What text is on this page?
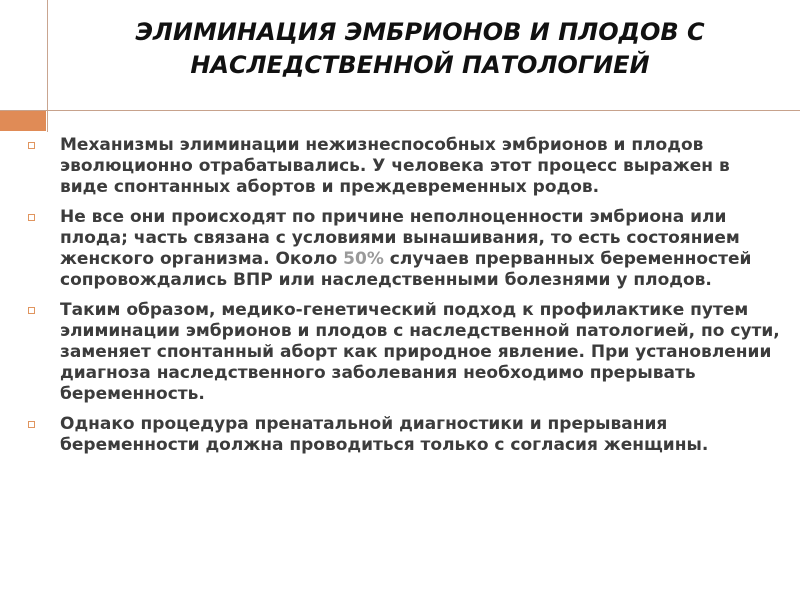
ЭЛИМИНАЦИЯ ЭМБРИОНОВ И ПЛОДОВ С
НАСЛЕДСТВЕННОЙ ПАТОЛОГИЕЙ
Механизмы элиминации нежизнеспособных эмбрионов и плодов эволюционно отрабатывались. У человека этот процесс выражен в виде спонтанных абортов и преждевременных родов.
Не все они происходят по причине неполноценности эмбриона или плода; часть связана с условиями вынашивания, то есть состоянием женского организма. Около 50% случаев прерванных беременностей сопровождались ВПР или наследственными болезнями у плодов.
Таким образом, медико-генетический подход к профилактике путем элиминации эмбрионов и плодов с наследственной патологией, по сути, заменяет спонтанный аборт как природное явление. При установлении диагноза наследственного заболевания необходимо прерывать беременность.
Однако процедура пренатальной диагностики и прерывания беременности должна проводиться только с согласия женщины.
